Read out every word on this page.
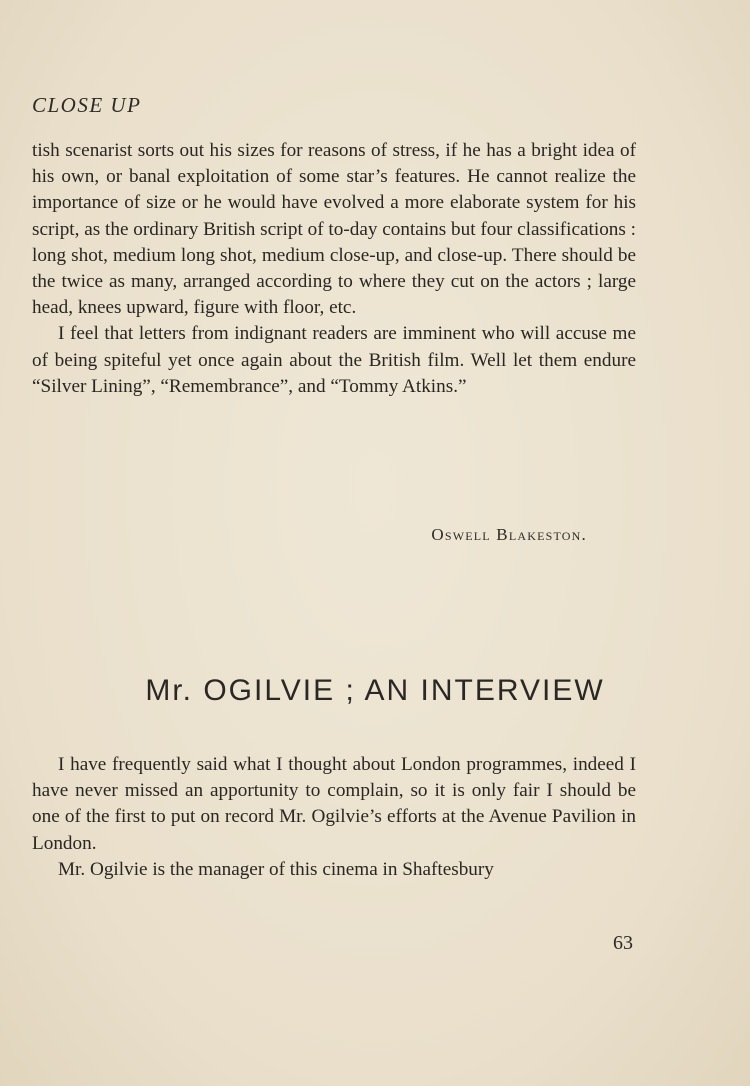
CLOSE UP

tish scenarist sorts out his sizes for reasons of stress, if he has a bright idea of his own, or banal exploitation of some star’s features. He cannot realize the importance of size or he would have evolved a more elaborate system for his script, as the ordinary British script of to-day contains but four classifications : long shot, medium long shot, medium close-up, and close-up. There should be the twice as many, arranged according to where they cut on the actors ; large head, knees upward, figure with floor, etc.

I feel that letters from indignant readers are imminent who will accuse me of being spiteful yet once again about the British film. Well let them endure “Silver Lining”, “Remembrance”, and “Tommy Atkins.”

Oswell Blakeston.
Mr. OGILVIE ; AN INTERVIEW

I have frequently said what I thought about London programmes, indeed I have never missed an apportunity to complain, so it is only fair I should be one of the first to put on record Mr. Ogilvie’s efforts at the Avenue Pavilion in London.

Mr. Ogilvie is the manager of this cinema in Shaftesbury

63
